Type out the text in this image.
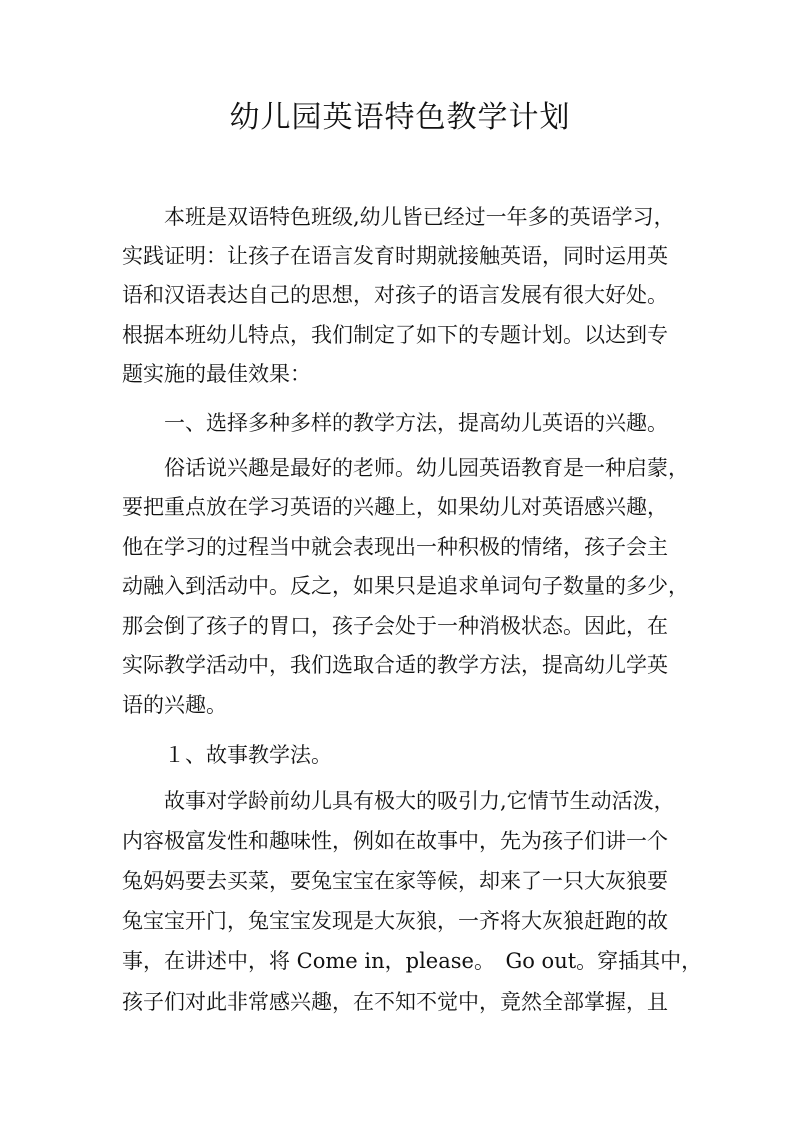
幼儿园英语特色教学计划

　　本班是双语特色班级,幼儿皆已经过一年多的英语学习，

实践证明：让孩子在语言发育时期就接触英语，同时运用英

语和汉语表达自己的思想，对孩子的语言发展有很大好处。

根据本班幼儿特点，我们制定了如下的专题计划。以达到专

题实施的最佳效果：

　　一、选择多种多样的教学方法，提高幼儿英语的兴趣。

　　俗话说兴趣是最好的老师。幼儿园英语教育是一种启蒙，

要把重点放在学习英语的兴趣上，如果幼儿对英语感兴趣，

他在学习的过程当中就会表现出一种积极的情绪，孩子会主

动融入到活动中。反之，如果只是追求单词句子数量的多少，

那会倒了孩子的胃口，孩子会处于一种消极状态。因此，在

实际教学活动中，我们选取合适的教学方法，提高幼儿学英

语的兴趣。

　　１、故事教学法。

　　故事对学龄前幼儿具有极大的吸引力,它情节生动活泼，

内容极富发性和趣味性，例如在故事中，先为孩子们讲一个

兔妈妈要去买菜，要兔宝宝在家等候，却来了一只大灰狼要

兔宝宝开门，兔宝宝发现是大灰狼，一齐将大灰狼赶跑的故

事，在讲述中，将 Come in，please。　Go out。穿插其中，

孩子们对此非常感兴趣，在不知不觉中，竟然全部掌握，且
